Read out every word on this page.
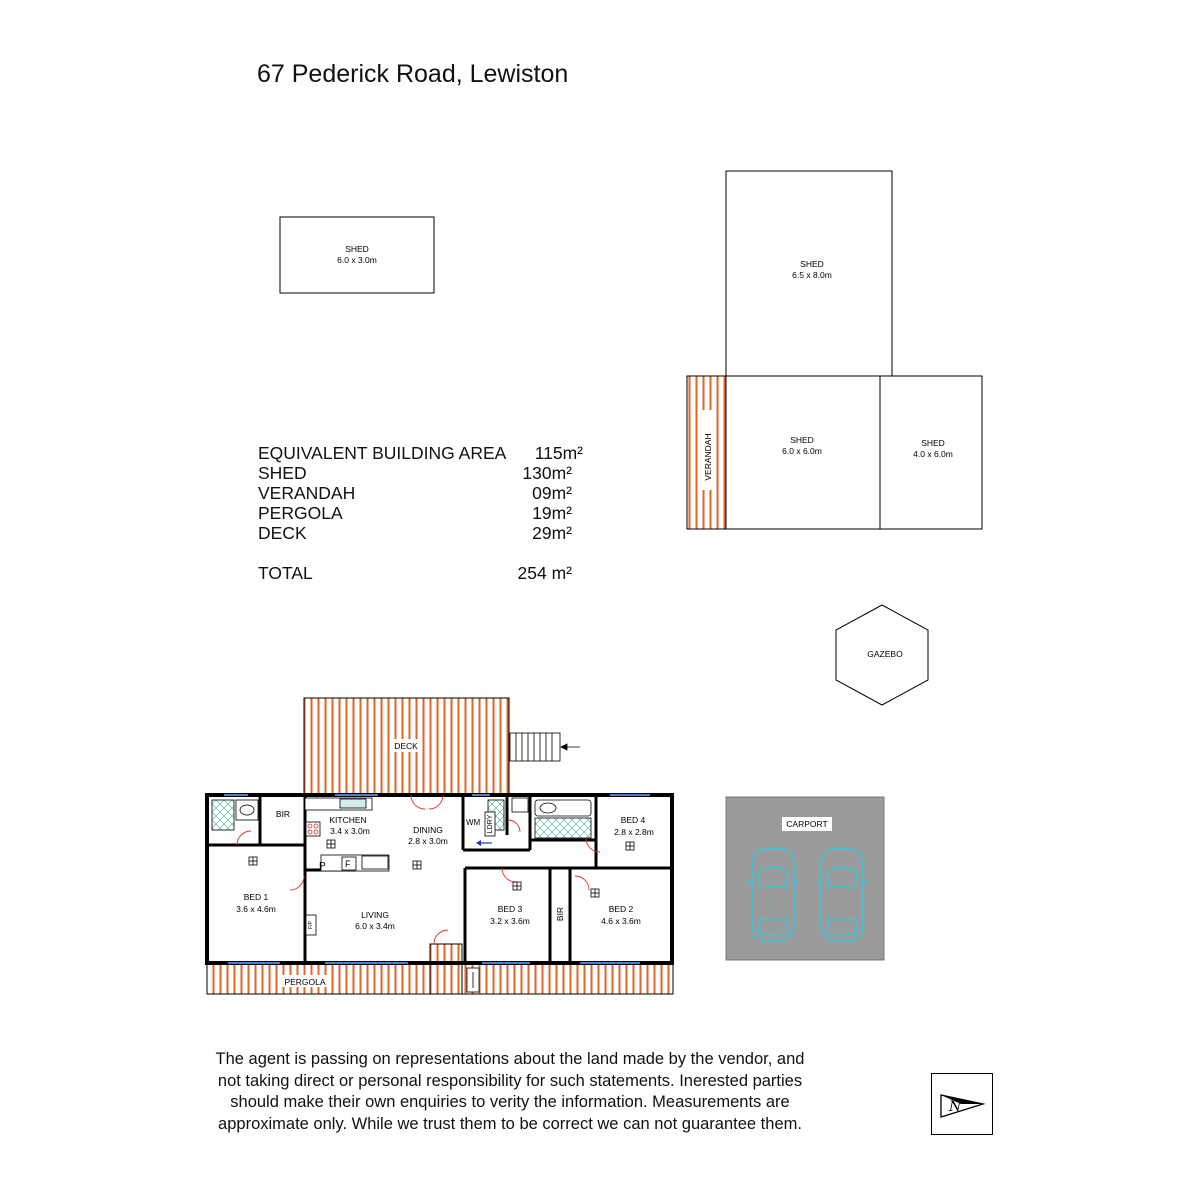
67 Pederick Road, Lewiston
EQUIVALENT BUILDING AREA 115m²
SHED	130m²
VERANDAH	09m²
PERGOLA	19m²
DECK	29m²
TOTAL	254 m²
SHED
6.0 x 3.0m	SHED
6.5 x 8.0m
SHED
6.0 x 6.0m
SHED
4.0 x 6.0m
VERANDAH
GAZEBO
CARPORT
DECK
PERGOLA
P F
WM LDRY
F/P
BIR
KITCHEN
3.4 x 3.0m	DINING
2.8 x 3.0m
BED 1
3.6 x 4.6m
LIVING
6.0 x 3.4m
BED 3
3.2 x 3.6m
BED 2
4.6 x 3.6m
BED 4
2.8 x 2.8m
BIR
The agent is passing on representations about the land made by the vendor, and
not taking direct or personal responsibility for such statements. Inerested parties
should make their own enquiries to verity the information. Measurements are
approximate only. While we trust them to be correct we can not guarantee them.
N
